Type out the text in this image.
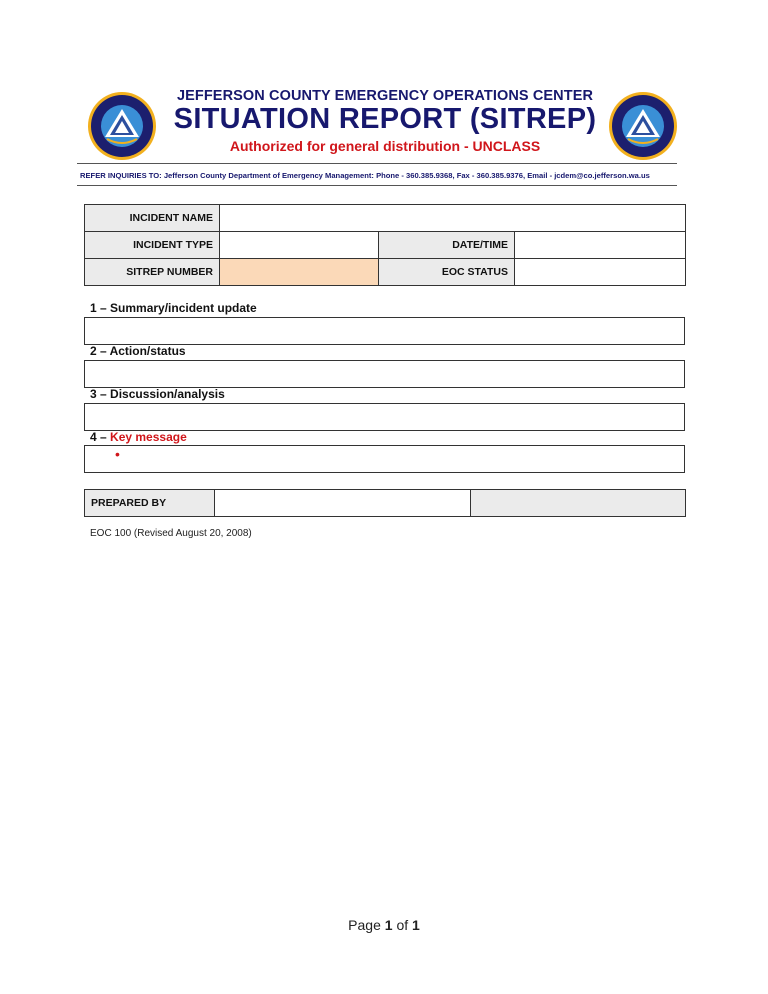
JEFFERSON COUNTY EMERGENCY OPERATIONS CENTER
SITUATION REPORT (SITREP)
Authorized for general distribution - UNCLASS
REFER INQUIRIES TO: Jefferson County Department of Emergency Management: Phone - 360.385.9368, Fax - 360.385.9376, Email - jcdem@co.jefferson.wa.us
INCIDENT NAME			
INCIDENT TYPE		DATE/TIME	
SITREP NUMBER		EOC STATUS	
1 – Summary/incident update
2 – Action/status
3 – Discussion/analysis
4 – Key message
•
PREPARED BY		
EOC 100 (Revised August 20, 2008)
Page 1 of 1
